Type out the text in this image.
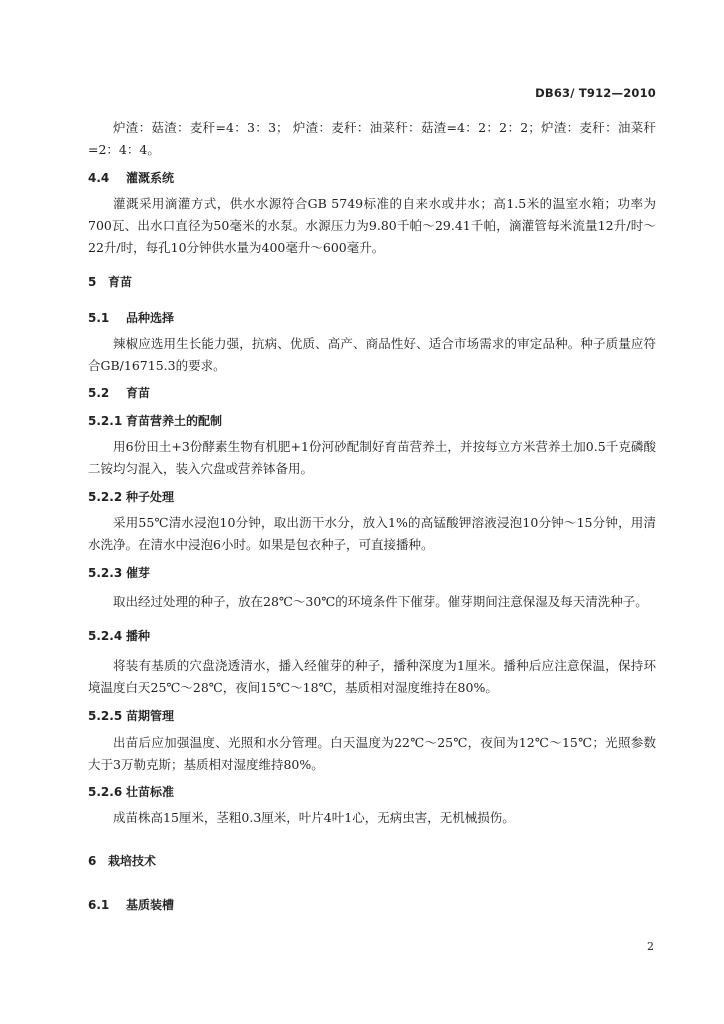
DB63/ T912—2010

炉渣：菇渣：麦秆=4：3：3； 炉渣：麦秆：油菜秆：菇渣=4：2：2：2；炉渣：麦秆：油菜秆=2：4：4。

4.4 灌溉系统

灌溉采用滴灌方式，供水水源符合GB 5749标准的自来水或井水；高1.5米的温室水箱；功率为700瓦、出水口直径为50毫米的水泵。水源压力为9.80千帕～29.41千帕，滴灌管每米流量12升/时～22升/时，每孔10分钟供水量为400毫升～600毫升。

5 育苗
5.1 品种选择

辣椒应选用生长能力强，抗病、优质、高产、商品性好、适合市场需求的审定品种。种子质量应符合GB/16715.3的要求。

5.2 育苗
5.2.1 育苗营养土的配制

用6份田土+3份酵素生物有机肥+1份河砂配制好育苗营养土，并按每立方米营养土加0.5千克磷酸二铵均匀混入，装入穴盘或营养钵备用。

5.2.2 种子处理

采用55℃清水浸泡10分钟，取出沥干水分，放入1%的高锰酸钾溶液浸泡10分钟～15分钟，用清水洗净。在清水中浸泡6小时。如果是包衣种子，可直接播种。

5.2.3 催芽

取出经过处理的种子，放在28℃～30℃的环境条件下催芽。催芽期间注意保湿及每天清洗种子。

5.2.4 播种

将装有基质的穴盘浇透清水，播入经催芽的种子，播种深度为1厘米。播种后应注意保温，保持环境温度白天25℃～28℃，夜间15℃～18℃，基质相对湿度维持在80%。

5.2.5 苗期管理

出苗后应加强温度、光照和水分管理。白天温度为22℃～25℃，夜间为12℃～15℃；光照参数大于3万勒克斯；基质相对湿度维持80%。

5.2.6 壮苗标准

成苗株高15厘米，茎粗0.3厘米，叶片4叶1心，无病虫害，无机械损伤。

6 栽培技术
6.1 基质装槽
2
